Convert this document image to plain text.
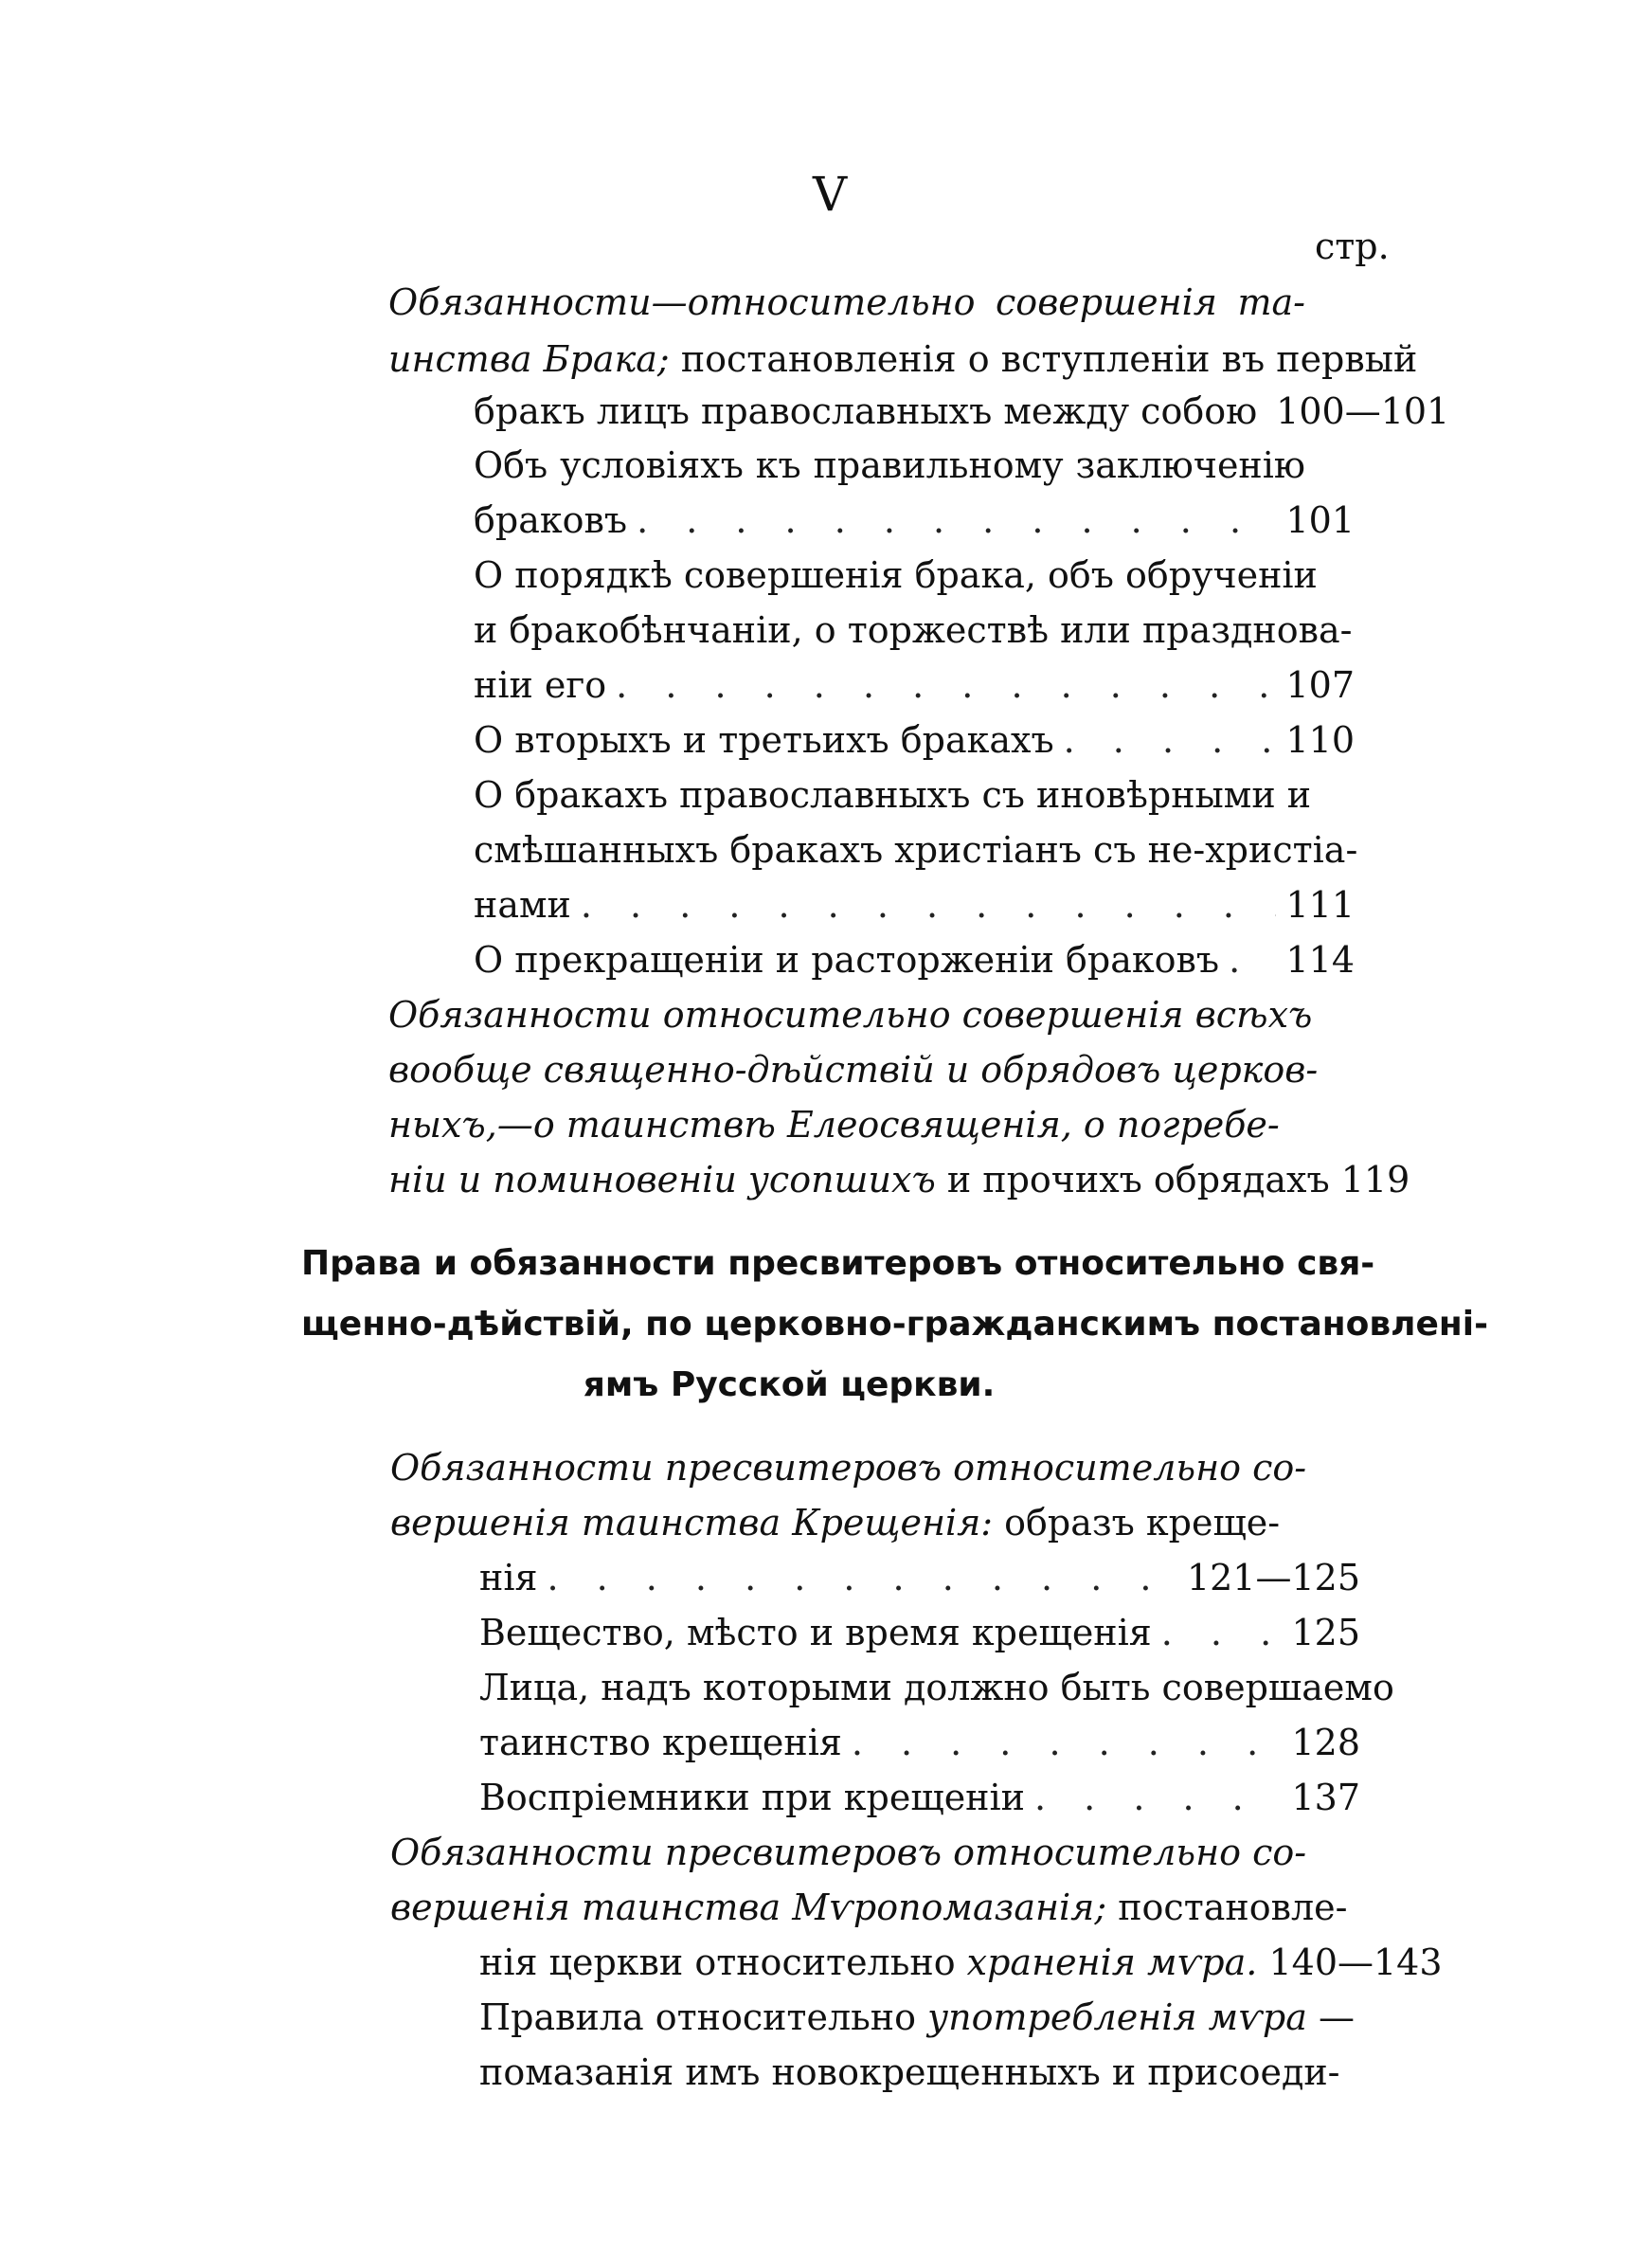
V
стр.
Обязанности—относительно совершенія та-
инства Брака; постановленія о вступленіи въ первый
бракъ лицъ православныхъ между собою 100—101
Объ условіяхъ къ правильному заключенію
браковъ . . .	101
О порядкѣ совершенія брака, объ обрученіи
и бракобѣнчаніи, о торжествѣ или празднова-
ніи его . . .	107
О вторыхъ и третьихъ бракахъ . . .	110
О бракахъ православныхъ съ иновѣрными и
смѣшанныхъ бракахъ христіанъ съ не-христіа-
нами . . .	111
О прекращеніи и расторженіи браковъ . . . 114
Обязанности относительно совершенія всѣхъ
вообще священно-дѣйствій и обрядовъ церков-
ныхъ,—о таинствѣ Елеосвященія, о погребе-
ніи и поминовеніи усопшихъ и прочихъ обрядахъ 119
Права и обязанности пресвитеровъ относительно свя-
щенно-дѣйствій, по церковно-гражданскимъ постановлені-
ямъ Русской церкви.
Обязанности пресвитеровъ относительно со-
вершенія таинства Крещенія: образъ креще-
нія . . .	121—125
Вещество, мѣсто и время крещенія . . .	125
Лица, надъ которыми должно быть совершаемо
таинство крещенія . . .	128
Воспріемники при крещеніи . . .	137
Обязанности пресвитеровъ относительно со-
вершенія таинства Мѵропомазанія; постановле-
нія церкви относительно храненія мѵра. 140—143
Правила относительно употребленія мѵра —
помазанія имъ новокрещенныхъ и присоеди-
